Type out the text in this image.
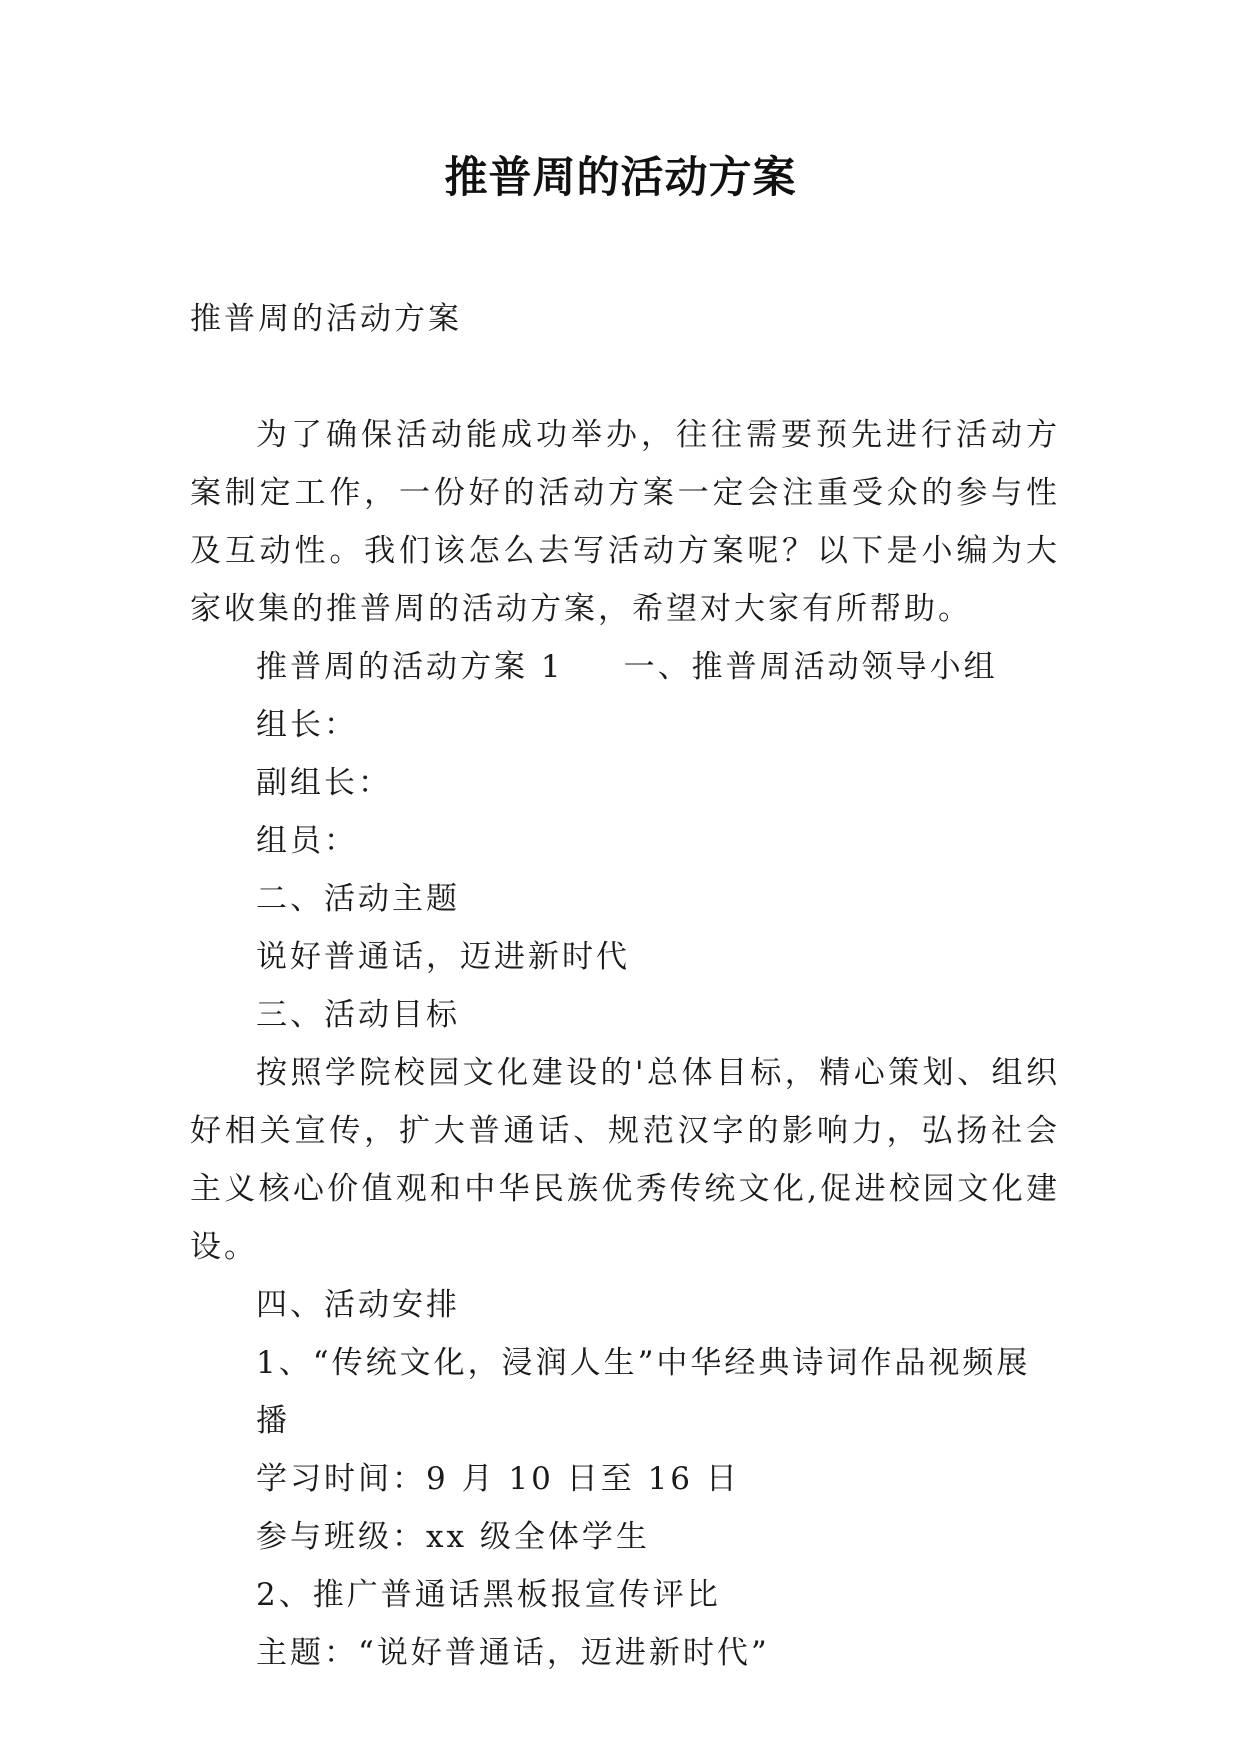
推普周的活动方案

推普周的活动方案

为了确保活动能成功举办，往往需要预先进行活动方案制定工作，一份好的活动方案一定会注重受众的参与性及互动性。我们该怎么去写活动方案呢？以下是小编为大家收集的推普周的活动方案，希望对大家有所帮助。

推普周的活动方案 1 一、推普周活动领导小组

组长：

副组长：

组员：

二、活动主题

说好普通话，迈进新时代

三、活动目标

按照学院校园文化建设的'总体目标，精心策划、组织好相关宣传，扩大普通话、规范汉字的影响力，弘扬社会主义核心价值观和中华民族优秀传统文化,促进校园文化建设。

四、活动安排

1、“传统文化，浸润人生”中华经典诗词作品视频展播

学习时间：9 月 10 日至 16 日

参与班级：xx 级全体学生

2、推广普通话黑板报宣传评比

主题：“说好普通话，迈进新时代”
